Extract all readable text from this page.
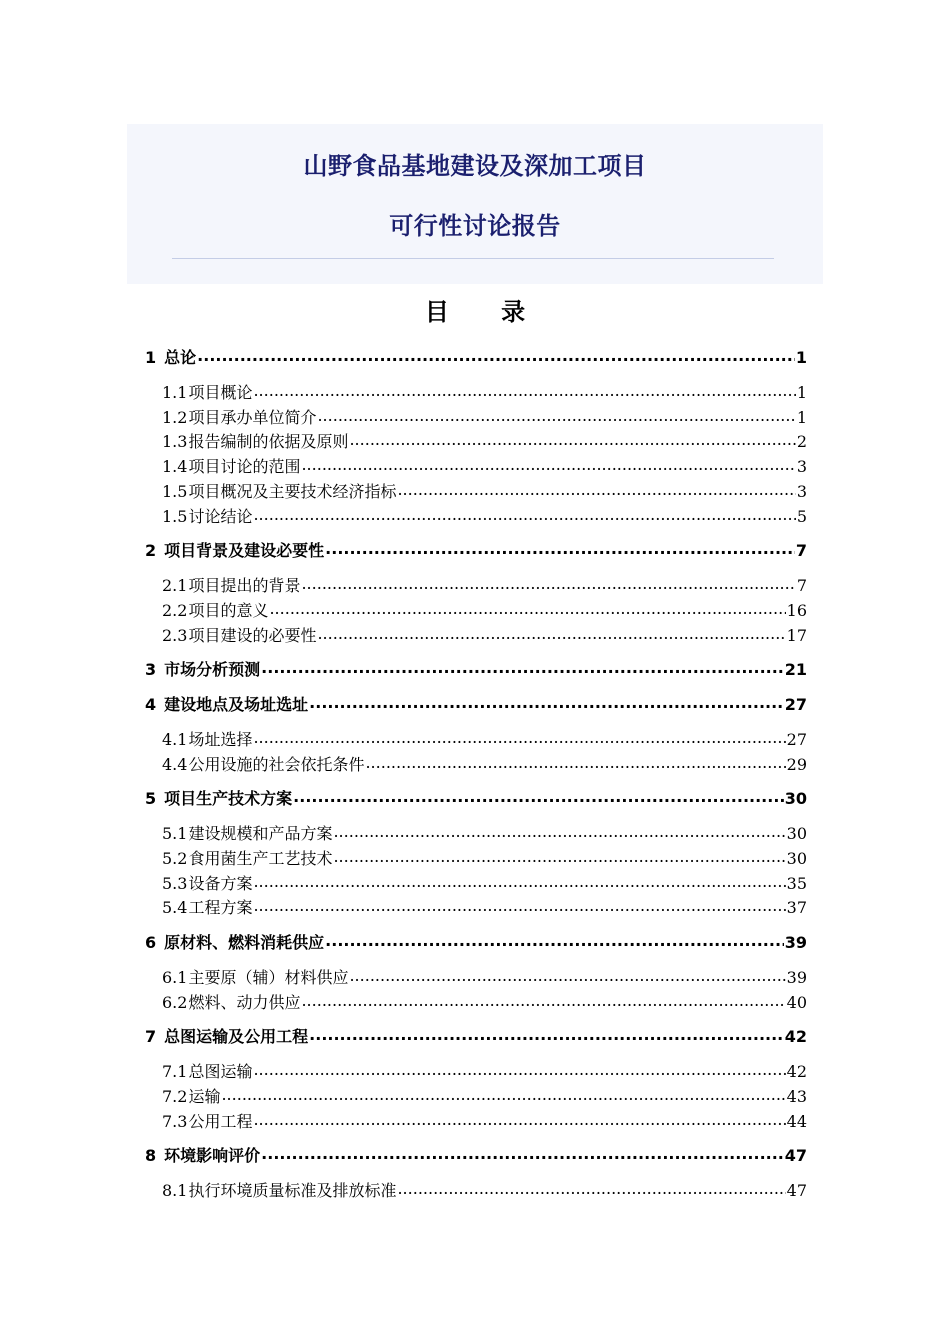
山野食品基地建设及深加工项目
可行性讨论报告
目 录
1 总论 .....	1
1.1 项目概论 .....	1
1.2 项目承办单位简介 .....	1
1.3 报告编制的依据及原则 .....	2
1.4 项目讨论的范围 .....	3
1.5 项目概况及主要技术经济指标 .....	3
1.5 讨论结论 .....	5
2 项目背景及建设必要性 .....	7
2.1 项目提出的背景 .....	7
2.2 项目的意义 .....	16
2.3 项目建设的必要性 .....	17
3 市场分析预测 .....	21
4 建设地点及场址选址 .....	27
4.1 场址选择 .....	27
4.4 公用设施的社会依托条件 .....	29
5 项目生产技术方案 .....	30
5.1 建设规模和产品方案 .....	30
5.2 食用菌生产工艺技术 .....	30
5.3 设备方案 .....	35
5.4 工程方案 .....	37
6 原材料、燃料消耗供应 .....	39
6.1 主要原（辅）材料供应 .....	39
6.2 燃料、动力供应 .....	40
7 总图运输及公用工程 .....	42
7.1 总图运输 .....	42
7.2 运输 .....	43
7.3 公用工程 .....	44
8 环境影响评价 .....	47
8.1 执行环境质量标准及排放标准 .....	47
